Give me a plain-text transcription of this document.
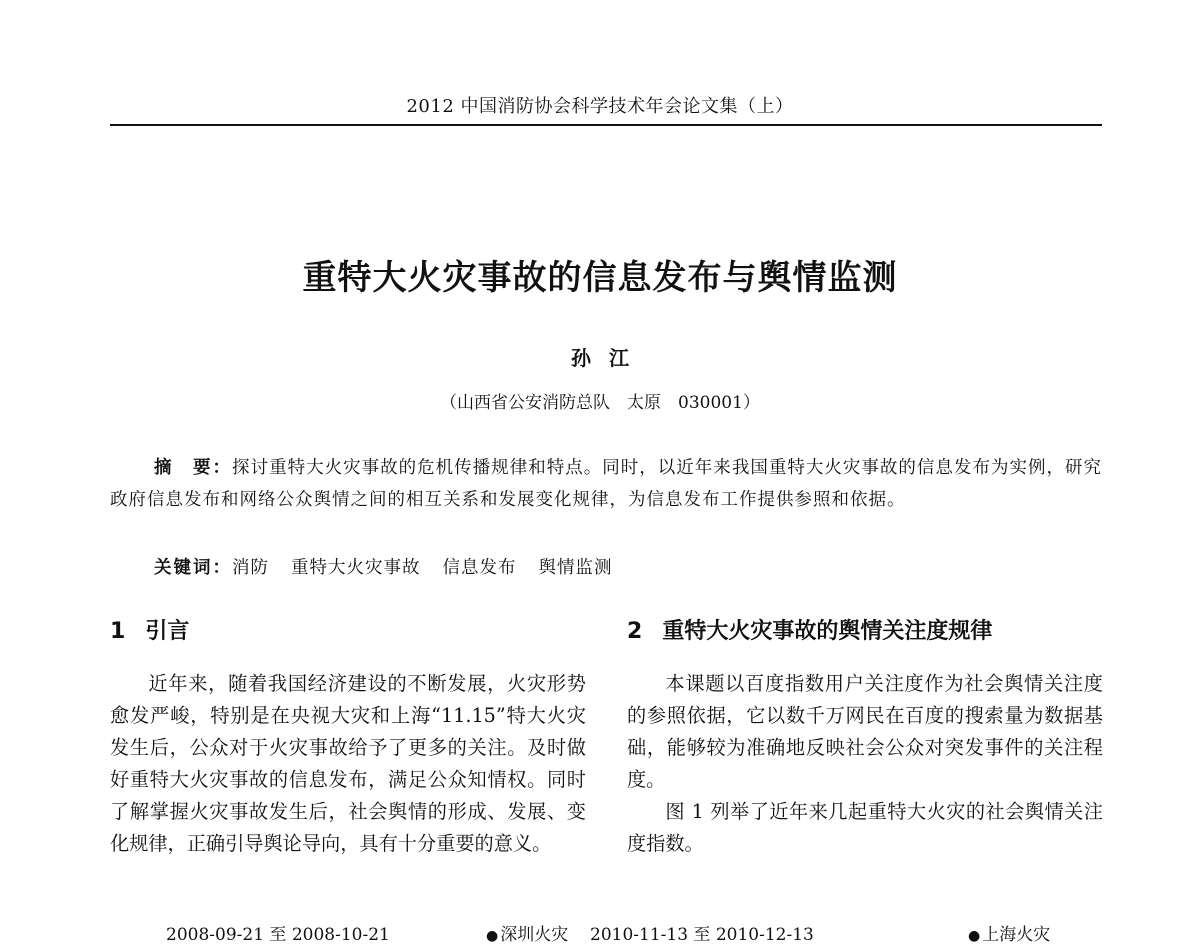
2012 中国消防协会科学技术年会论文集（上）
重特大火灾事故的信息发布与舆情监测
孙江
（山西省公安消防总队　太原　030001）
摘　要：探讨重特大火灾事故的危机传播规律和特点。同时，以近年来我国重特大火灾事故的信息发布为实例，研究政府信息发布和网络公众舆情之间的相互关系和发展变化规律，为信息发布工作提供参照和依据。
关键词：消防 重特大火灾事故 信息发布 舆情监测
1 引言	2 重特大火灾事故的舆情关注度规律

近年来，随着我国经济建设的不断发展，火灾形势愈发严峻，特别是在央视大灾和上海“11.15”特大火灾发生后，公众对于火灾事故给予了更多的关注。及时做好重特大火灾事故的信息发布，满足公众知情权。同时了解掌握火灾事故发生后，社会舆情的形成、发展、变化规律，正确引导舆论导向，具有十分重要的意义。

本课题以百度指数用户关注度作为社会舆情关注度的参照依据，它以数千万网民在百度的搜索量为数据基础，能够较为准确地反映社会公众对突发事件的关注程度。

图 1 列举了近年来几起重特大火灾的社会舆情关注度指数。

2008-09-21 至 2008-10-21	● 深圳火灾 2010-11-13 至 2010-12-13	● 上海火灾
